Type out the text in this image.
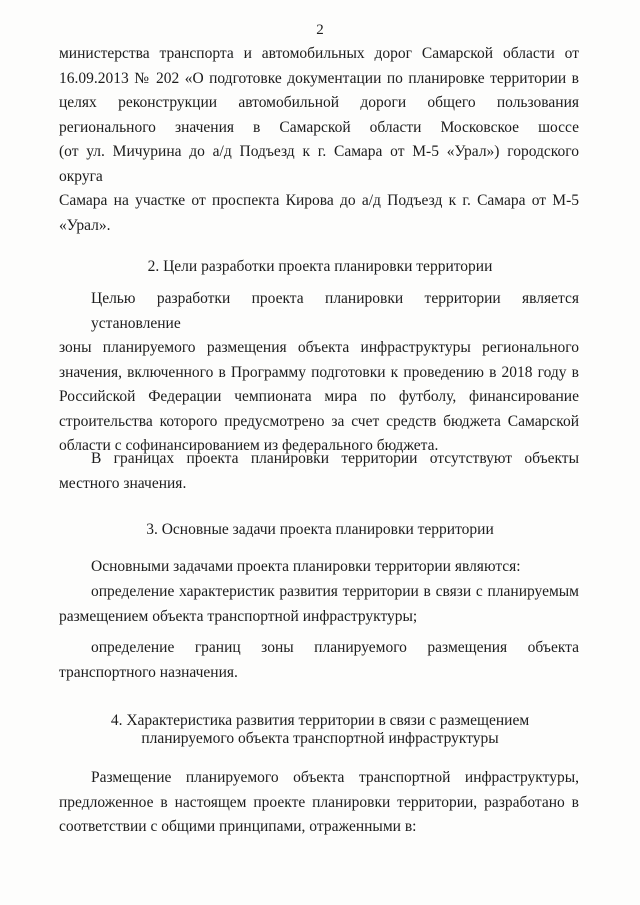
2
министерства транспорта и автомобильных дорог Самарской области от
16.09.2013 № 202 «О подготовке документации по планировке территории в
целях реконструкции автомобильной дороги общего пользования
регионального значения в Самарской области Московское шоссе
(от ул. Мичурина до а/д Подъезд к г. Самара от М-5 «Урал») городского округа
Самара на участке от проспекта Кирова до а/д Подъезд к г. Самара от М-5
«Урал».
2. Цели разработки проекта планировки территории
Целью разработки проекта планировки территории является установление
зоны планируемого размещения объекта инфраструктуры регионального
значения, включенного в Программу подготовки к проведению в 2018 году в
Российской Федерации чемпионата мира по футболу, финансирование
строительства которого предусмотрено за счет средств бюджета Самарской
области с софинансированием из федерального бюджета.
В границах проекта планировки территории отсутствуют объекты
местного значения.
3. Основные задачи проекта планировки территории
Основными задачами проекта планировки территории являются:
определение характеристик развития территории в связи с планируемым
размещением объекта транспортной инфраструктуры;
определение границ зоны планируемого размещения объекта
транспортного назначения.
4. Характеристика развития территории в связи с размещением
планируемого объекта транспортной инфраструктуры
Размещение планируемого объекта транспортной инфраструктуры,
предложенное в настоящем проекте планировки территории, разработано в
соответствии с общими принципами, отраженными в:
